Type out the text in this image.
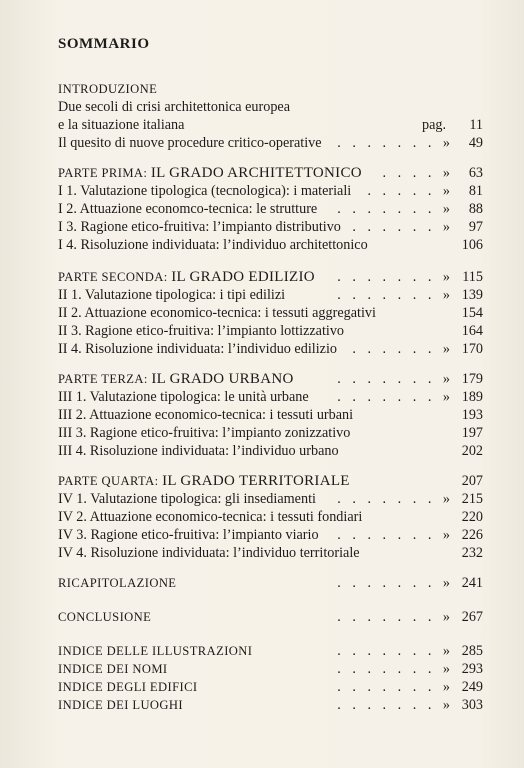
SOMMARIO
INTRODUZIONE
Due secoli di crisi architettonica europea
e la situazione italiana	pag. 11
Il quesito di nuove procedure critico-operative	. . . . . . . » 49
PARTE PRIMA: IL GRADO ARCHITETTONICO	. . . . » 63
I 1. Valutazione tipologica (tecnologica): i materiali	. . . . . » 81
I 2. Attuazione economco-tecnica: le strutture	. . . . . . . » 88
I 3. Ragione etico-fruitiva: l’impianto distributivo . . . . . . » 97
I 4. Risoluzione individuata: l’individuo architettonico	106
PARTE SECONDA: IL GRADO EDILIZIO	. . . . . . . » 115
II 1. Valutazione tipologica: i tipi edilizi	. . . . . . . » 139
II 2. Attuazione economico-tecnica: i tessuti aggregativi	154
II 3. Ragione etico-fruitiva: l’impianto lottizzativo	164
II 4. Risoluzione individuata: l’individuo edilizio	. . . . . . » 170
PARTE TERZA: IL GRADO URBANO	. . . . . . . » 179
III 1. Valutazione tipologica: le unità urbane	. . . . . . . » 189
III 2. Attuazione economico-tecnica: i tessuti urbani	193
III 3. Ragione etico-fruitiva: l’impianto zonizzativo	197
III 4. Risoluzione individuata: l’individuo urbano	202
PARTE QUARTA: IL GRADO TERRITORIALE	207
IV 1. Valutazione tipologica: gli insediamenti	. . . . . . . » 215
IV 2. Attuazione economico-tecnica: i tessuti fondiari	220
IV 3. Ragione etico-fruitiva: l’impianto viario	. . . . . . . » 226
IV 4. Risoluzione individuata: l’individuo territoriale	232
RICAPITOLAZIONE	. . . . . . . » 241
CONCLUSIONE	. . . . . . . » 267
INDICE DELLE ILLUSTRAZIONI	. . . . . . . » 285
INDICE DEI NOMI	. . . . . . . » 293
INDICE DEGLI EDIFICI	. . . . . . . » 249
INDICE DEI LUOGHI	. . . . . . . » 303
